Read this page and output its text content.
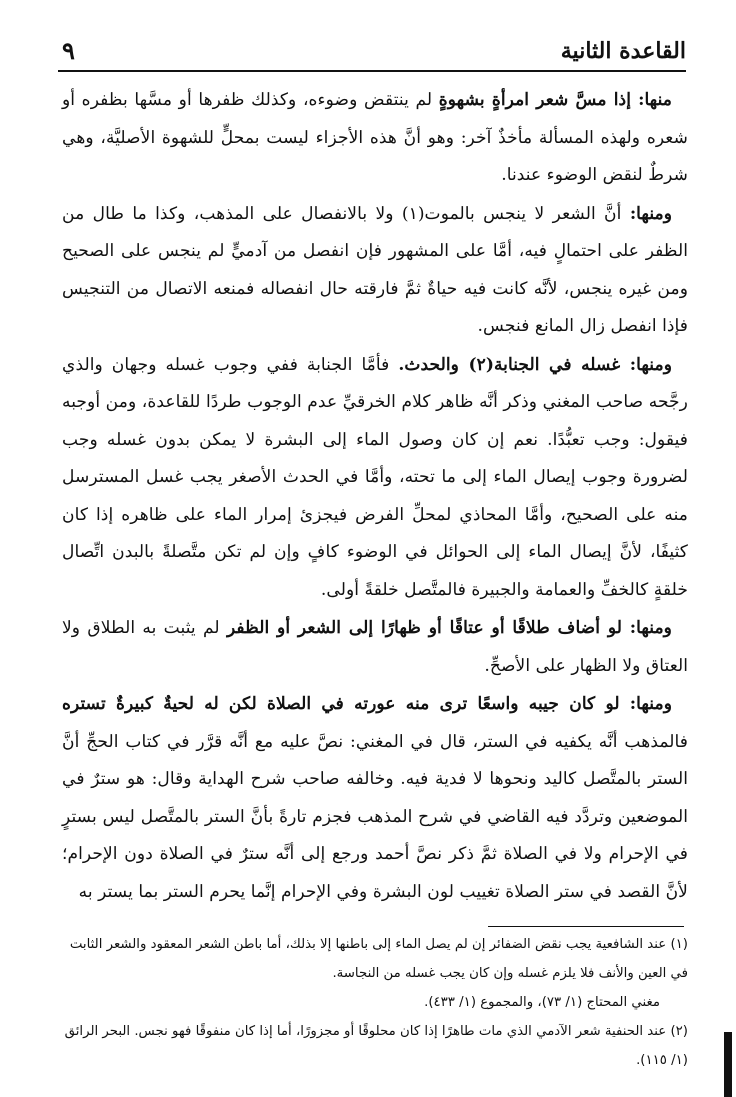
القاعدة الثانية
٩

منها: إذا مسَّ شعر امرأةٍ بشهوةٍ لم ينتقض وضوءه، وكذلك ظفرها أو مسَّها بظفره أو شعره ولهذه المسألة مأخذٌ آخر: وهو أنَّ هذه الأجزاء ليست بمحلٍّ للشهوة الأصليَّة، وهي شرطٌ لنقض الوضوء عندنا.

ومنها: أنَّ الشعر لا ينجس بالموت(١) ولا بالانفصال على المذهب، وكذا ما طال من الظفر على احتمالٍ فيه، أمَّا على المشهور فإن انفصل من آدميٍّ لم ينجس على الصحيح ومن غيره ينجس، لأنَّه كانت فيه حياةٌ ثمَّ فارقته حال انفصاله فمنعه الاتصال من التنجيس فإذا انفصل زال المانع فنجس.

ومنها: غسله في الجنابة(٢) والحدث. فأمَّا الجنابة ففي وجوب غسله وجهان والذي رجَّحه صاحب المغني وذكر أنَّه ظاهر كلام الخرقيِّ عدم الوجوب طردًا للقاعدة، ومن أوجبه فيقول: وجب تعبُّدًا. نعم إن كان وصول الماء إلى البشرة لا يمكن بدون غسله وجب لضرورة وجوب إيصال الماء إلى ما تحته، وأمَّا في الحدث الأصغر يجب غسل المسترسل منه على الصحيح، وأمَّا المحاذي لمحلِّ الفرض فيجزئ إمرار الماء على ظاهره إذا كان كثيفًا، لأنَّ إيصال الماء إلى الحوائل في الوضوء كافٍ وإن لم تكن متَّصلةً بالبدن اتِّصال خلقةٍ كالخفِّ والعمامة والجبيرة فالمتَّصل خلقةً أولى.

ومنها: لو أضاف طلاقًا أو عتاقًا أو ظهارًا إلى الشعر أو الظفر لم يثبت به الطلاق ولا العتاق ولا الظهار على الأصحِّ.

ومنها: لو كان جيبه واسعًا ترى منه عورته في الصلاة لكن له لحيةٌ كبيرةٌ تستره فالمذهب أنَّه يكفيه في الستر، قال في المغني: نصَّ عليه مع أنَّه قرَّر في كتاب الحجِّ أنَّ الستر بالمتَّصل كاليد ونحوها لا فدية فيه. وخالفه صاحب شرح الهداية وقال: هو سترٌ في الموضعين وتردَّد فيه القاضي في شرح المذهب فجزم تارةً بأنَّ الستر بالمتَّصل ليس بسترٍ في الإحرام ولا في الصلاة ثمَّ ذكر نصَّ أحمد ورجع إلى أنَّه سترٌ في الصلاة دون الإحرام؛ لأنَّ القصد في ستر الصلاة تغييب لون البشرة وفي الإحرام إنَّما يحرم الستر بما يستر به

(١) عند الشافعية يجب نقض الضفائر إن لم يصل الماء إلى باطنها إلا بذلك، أما باطن الشعر المعقود والشعر الثابت في العين والأنف فلا يلزم غسله وإن كان يجب غسله من النجاسة.

مغني المحتاج (١/ ٧٣)، والمجموع (١/ ٤٣٣).

(٢) عند الحنفية شعر الآدمي الذي مات طاهرًا إذا كان محلوقًا أو مجزورًا، أما إذا كان منفوقًا فهو نجس. البحر الرائق (١/ ١١٥).
